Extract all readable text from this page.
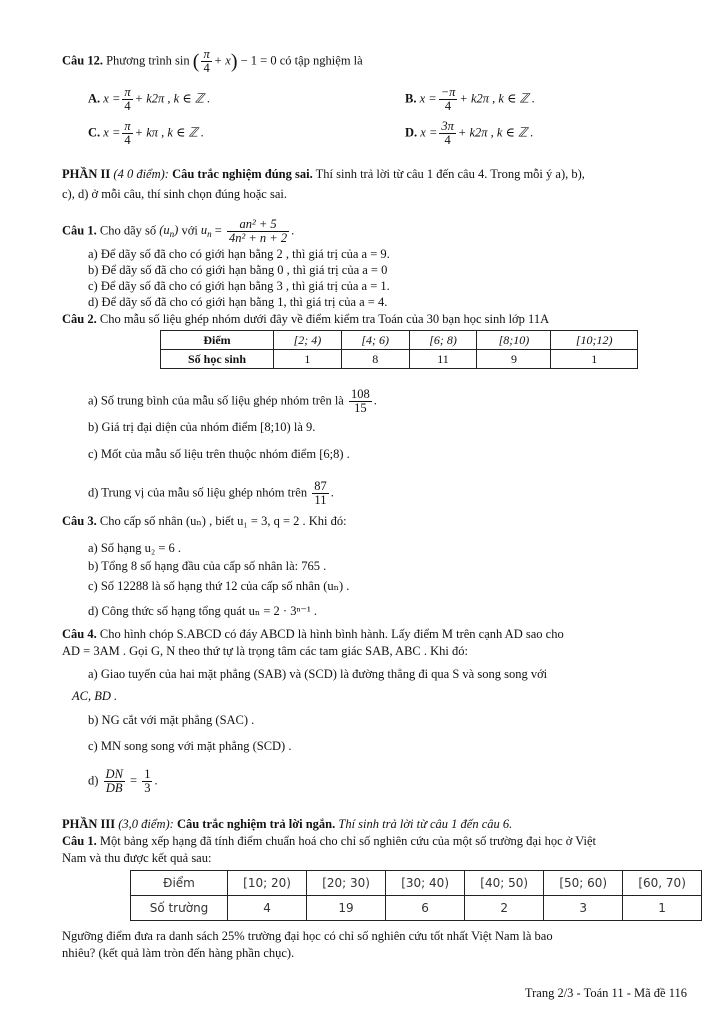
Câu 12. Phương trình sin ( $\frac{\pi}{4} + x) - 1 = 0$ có tập nghiệm là
A. $x = \frac{\pi}{4} + k2\pi$ , k ∈ ℤ .	B. $x = \frac{-\pi}{4} + k2\pi$ , k ∈ ℤ .
C. $x = \frac{\pi}{4} + k\pi$ , k ∈ ℤ .	D. $x = \frac{3\pi}{4} + k2\pi$ , k ∈ ℤ .
PHẦN II (4 0 điểm): Câu trắc nghiệm đúng sai. Thí sinh trả lời từ câu 1 đến câu 4. Trong mỗi ý a), b),
c), d) ở mỗi câu, thí sinh chọn đúng hoặc sai.
Câu 1. Cho dãy số $(u_n)$ với $u_n = \frac{\text{an² + 5}}{\text{4n² + n + 2}}$ .
a) Để dãy số đã cho có giới hạn bằng 2 , thì giá trị của a = 9.
b) Để dãy số đã cho có giới hạn bằng 0 , thì giá trị của a = 0
c) Để dãy số đã cho có giới hạn bằng 3 , thì giá trị của a = 1.
d) Để dãy số đã cho có giới hạn bằng 1, thì giá trị của a = 4.
Câu 2. Cho mẫu số liệu ghép nhóm dưới đây về điểm kiểm tra Toán của 30 bạn học sinh lớp 11A
Điểm	[2; 4)	[4; 6)	[6; 8)	[8;10)	[10;12)
Số học sinh	1	8	11	9	1
a) Số trung bình của mẫu số liệu ghép nhóm trên là $\frac{108}{15}$ .
b) Giá trị đại diện của nhóm điểm [8;10) là 9.
c) Mốt của mẫu số liệu trên thuộc nhóm điểm [6;8) .
d) Trung vị của mẫu số liệu ghép nhóm trên $\frac{87}{11}$ .
Câu 3. Cho cấp số nhân (uₙ) , biết u₁ = 3, q = 2 . Khi đó:
a) Số hạng u₂ = 6 .
b) Tổng 8 số hạng đầu của cấp số nhân là: 765 .
c) Số 12288 là số hạng thứ 12 của cấp số nhân (uₙ) .
d) Công thức số hạng tổng quát uₙ = 2 · 3ⁿ⁻¹ .
Câu 4. Cho hình chóp S.ABCD có đáy ABCD là hình bình hành. Lấy điểm M trên cạnh AD sao cho
AD = 3AM . Gọi G, N theo thứ tự là trọng tâm các tam giác SAB, ABC . Khi đó:
a) Giao tuyến của hai mặt phẳng (SAB) và (SCD) là đường thẳng đi qua S và song song với
AC, BD .
b) NG cắt với mặt phẳng (SAC) .
c) MN song song với mặt phẳng (SCD) .
$d) \frac{DN}{DB} = \frac{1}{3}$ .
PHẦN III (3,0 điểm): Câu trắc nghiệm trả lời ngắn. Thí sinh trả lời từ câu 1 đến câu 6.
Câu 1. Một bảng xếp hạng đã tính điểm chuẩn hoá cho chỉ số nghiên cứu của một số trường đại học ở Việt
Nam và thu được kết quả sau:
Điểm	[10; 20)	[20; 30)	[30; 40)	[40; 50)	[50; 60)	[60, 70)
Số trường	4	19	6	2	3	1
Ngưỡng điểm đưa ra danh sách 25% trường đại học có chỉ số nghiên cứu tốt nhất Việt Nam là bao
nhiêu? (kết quả làm tròn đến hàng phần chục).
Trang 2/3 - Toán 11 - Mã đề 116
